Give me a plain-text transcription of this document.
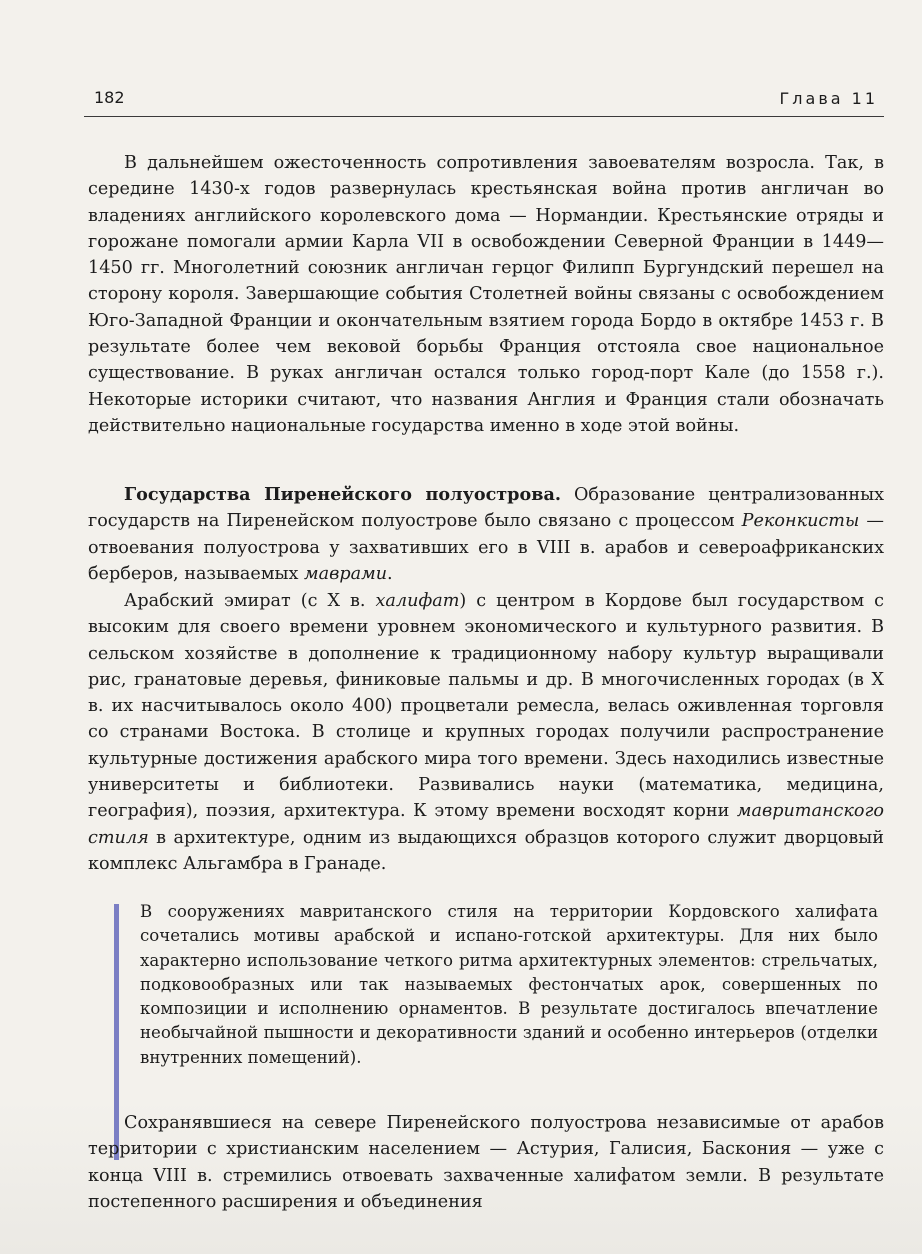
182	Глава 11

В дальнейшем ожесточенность сопротивления завоевателям возросла. Так, в середине 1430-х годов развернулась крестьянская война против англичан во владениях английского королевского дома — Нормандии. Крестьянские отряды и горожане помогали армии Карла VII в освобождении Северной Франции в 1449—1450 гг. Многолетний союзник англичан герцог Филипп Бургундский перешел на сторону короля. Завершающие события Столетней войны связаны с освобождением Юго-Западной Франции и окончательным взятием города Бордо в октябре 1453 г. В результате более чем вековой борьбы Франция отстояла свое национальное существование. В руках англичан остался только город-порт Кале (до 1558 г.). Некоторые историки считают, что названия Англия и Франция стали обозначать действительно национальные государства именно в ходе этой войны.

Государства Пиренейского полуострова. Образование централизованных государств на Пиренейском полуострове было связано с процессом Реконкисты — отвоевания полуострова у захвативших его в VIII в. арабов и североафриканских берберов, называемых маврами.

Арабский эмират (с X в. халифат) с центром в Кордове был государством с высоким для своего времени уровнем экономического и культурного развития. В сельском хозяйстве в дополнение к традиционному набору культур выращивали рис, гранатовые деревья, финиковые пальмы и др. В многочисленных городах (в X в. их насчитывалось около 400) процветали ремесла, велась оживленная торговля со странами Востока. В столице и крупных городах получили распространение культурные достижения арабского мира того времени. Здесь находились известные университеты и библиотеки. Развивались науки (математика, медицина, география), поэзия, архитектура. К этому времени восходят корни мавританского стиля в архитектуре, одним из выдающихся образцов которого служит дворцовый комплекс Альгамбра в Гранаде.

В сооружениях мавританского стиля на территории Кордовского халифата сочетались мотивы арабской и испано-готской архитектуры. Для них было характерно использование четкого ритма архитектурных элементов: стрельчатых, подковообразных или так называемых фестончатых арок, совершенных по композиции и исполнению орнаментов. В результате достигалось впечатление необычайной пышности и декоративности зданий и особенно интерьеров (отделки внутренних помещений).

Сохранявшиеся на севере Пиренейского полуострова независимые от арабов территории с христианским населением — Астурия, Галисия, Баскония — уже с конца VIII в. стремились отвоевать захваченные халифатом земли. В результате постепенного расширения и объединения
